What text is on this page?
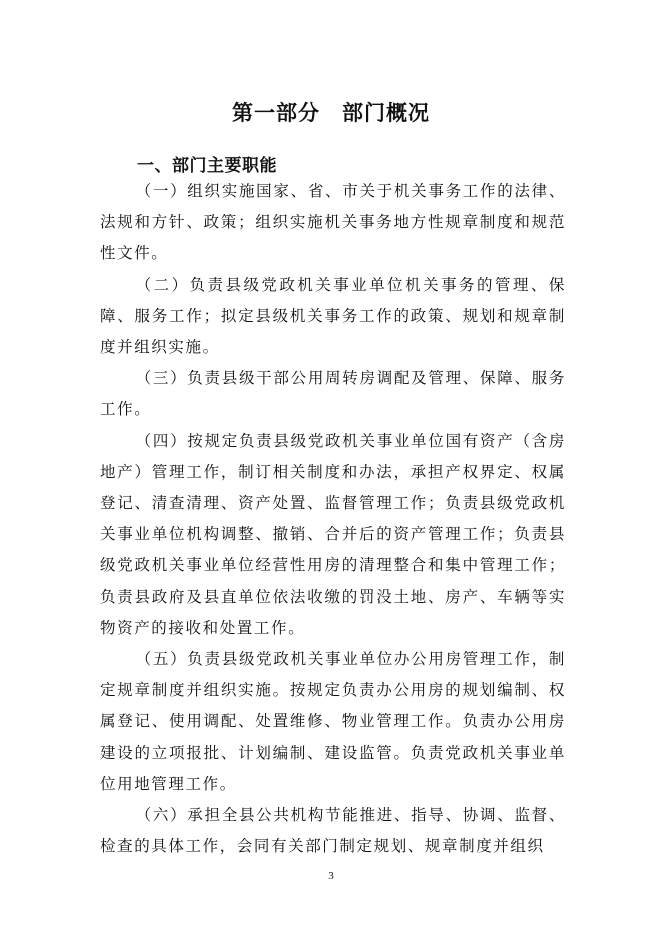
第一部分　部门概况
一、部门主要职能

（一）组织实施国家、省、市关于机关事务工作的法律、法规和方针、政策；组织实施机关事务地方性规章制度和规范性文件。

（二）负责县级党政机关事业单位机关事务的管理、保障、服务工作；拟定县级机关事务工作的政策、规划和规章制度并组织实施。

（三）负责县级干部公用周转房调配及管理、保障、服务工作。

（四）按规定负责县级党政机关事业单位国有资产（含房地产）管理工作，制订相关制度和办法，承担产权界定、权属登记、清查清理、资产处置、监督管理工作；负责县级党政机关事业单位机构调整、撤销、合并后的资产管理工作；负责县级党政机关事业单位经营性用房的清理整合和集中管理工作；负责县政府及县直单位依法收缴的罚没土地、房产、车辆等实物资产的接收和处置工作。

（五）负责县级党政机关事业单位办公用房管理工作，制定规章制度并组织实施。按规定负责办公用房的规划编制、权属登记、使用调配、处置维修、物业管理工作。负责办公用房建设的立项报批、计划编制、建设监管。负责党政机关事业单位用地管理工作。

（六）承担全县公共机构节能推进、指导、协调、监督、检查的具体工作，会同有关部门制定规划、规章制度并组织

3
